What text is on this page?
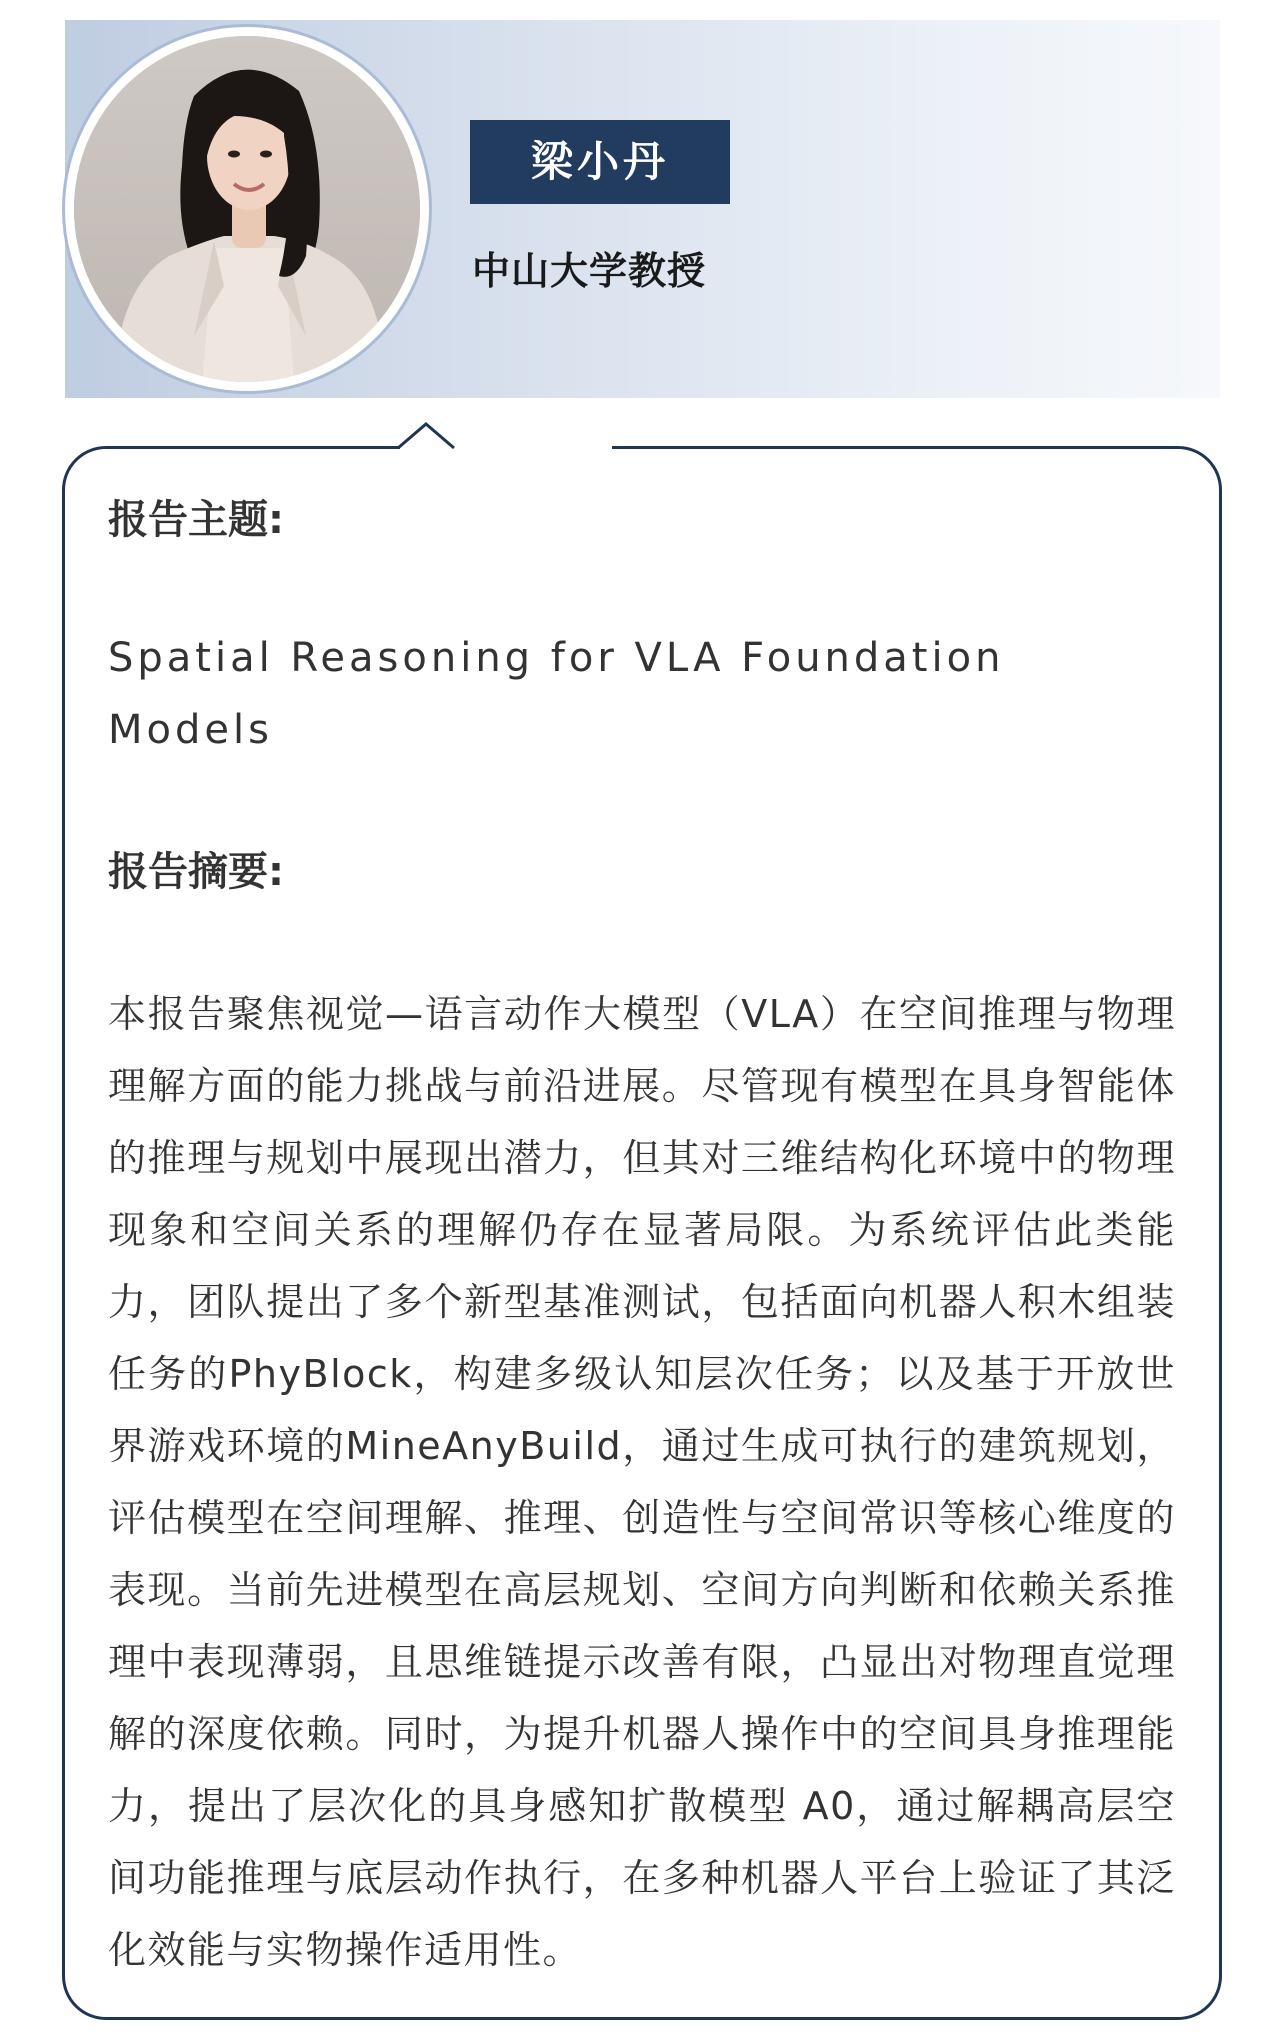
梁小丹
中山大学教授
报告主题:
Spatial Reasoning for VLA Foundation Models
报告摘要:
本报告聚焦视觉—语言动作大模型（VLA）在空间推理与物理理解方面的能力挑战与前沿进展。尽管现有模型在具身智能体的推理与规划中展现出潜力，但其对三维结构化环境中的物理现象和空间关系的理解仍存在显著局限。为系统评估此类能力，团队提出了多个新型基准测试，包括面向机器人积木组装任务的PhyBlock，构建多级认知层次任务；以及基于开放世界游戏环境的MineAnyBuild，通过生成可执行的建筑规划，评估模型在空间理解、推理、创造性与空间常识等核心维度的表现。当前先进模型在高层规划、空间方向判断和依赖关系推理中表现薄弱，且思维链提示改善有限，凸显出对物理直觉理解的深度依赖。同时，为提升机器人操作中的空间具身推理能力，提出了层次化的具身感知扩散模型 A0，通过解耦高层空间功能推理与底层动作执行，在多种机器人平台上验证了其泛化效能与实物操作适用性。
